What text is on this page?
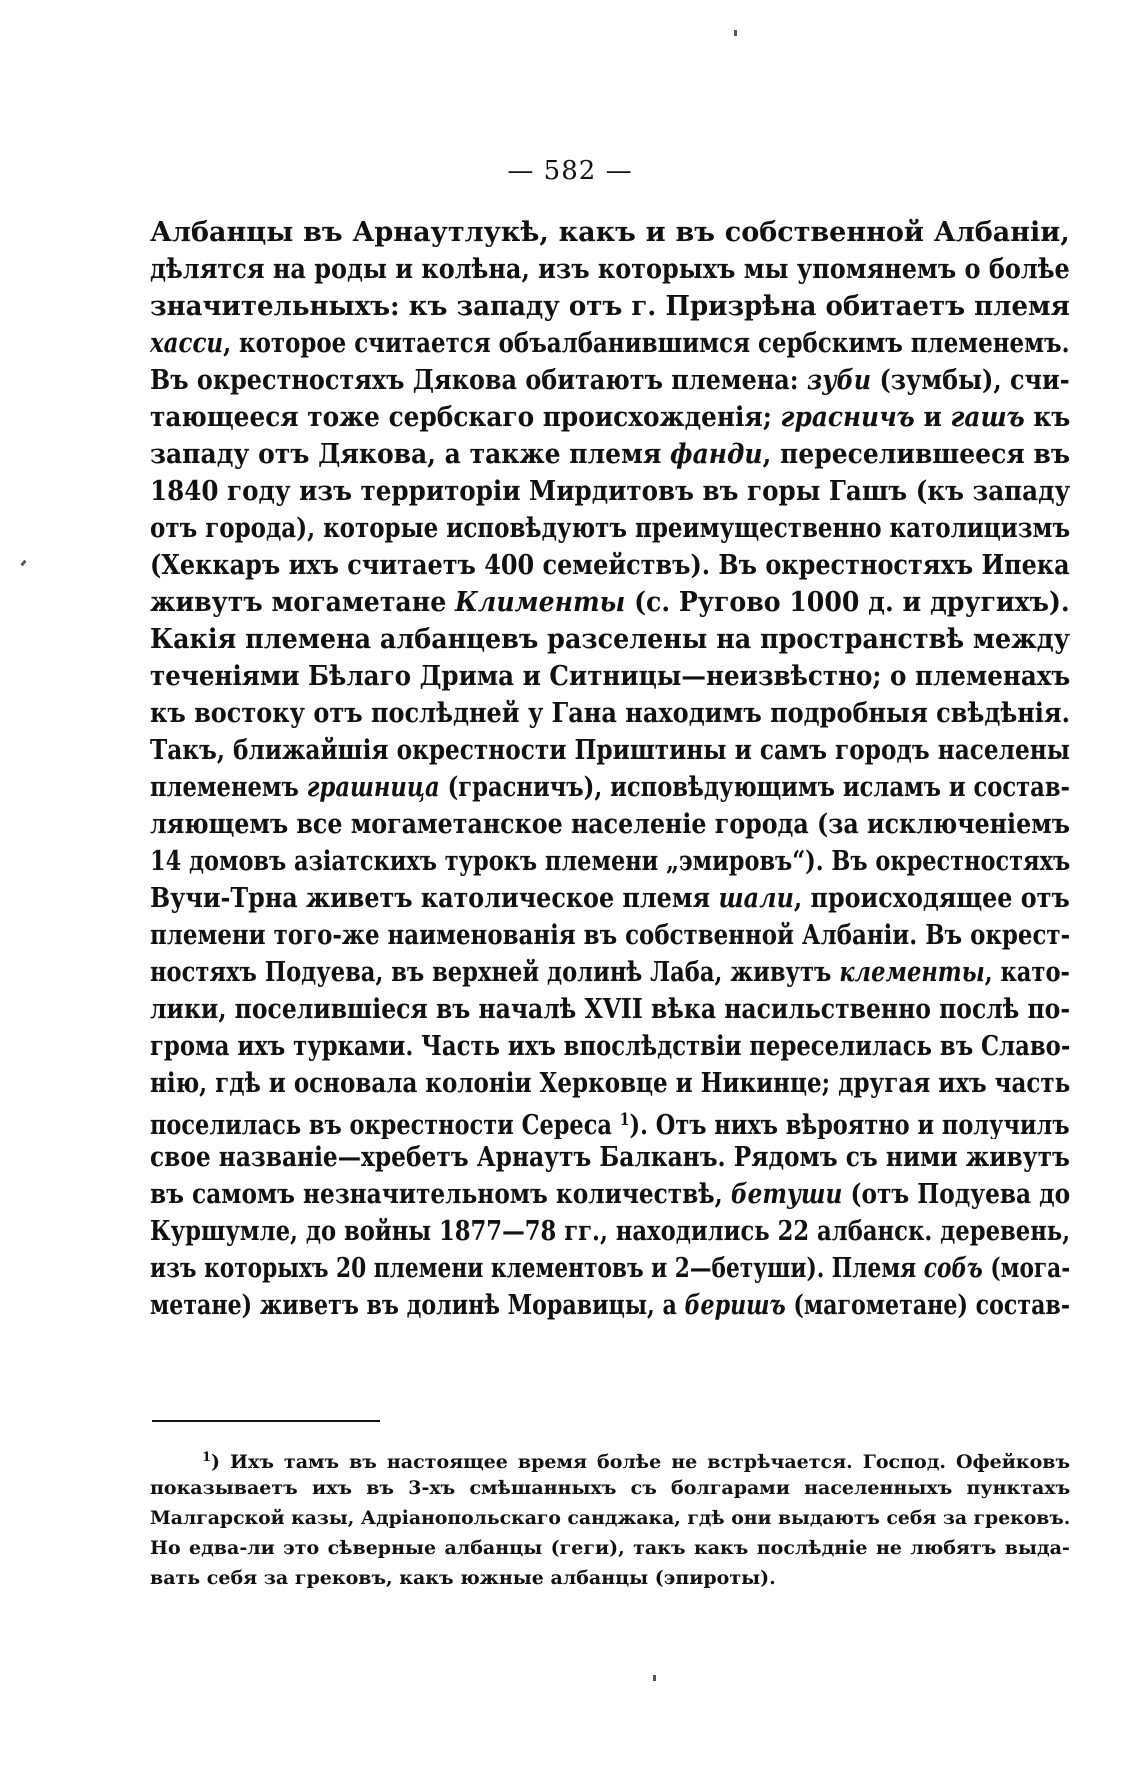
— 582 —
Албанцы въ Арнаутлукѣ, какъ и въ собственной Албаніи,
дѣлятся на роды и колѣна, изъ которыхъ мы упомянемъ о болѣе
значительныхъ: къ западу отъ г. Призрѣна обитаетъ племя
хасси, которое считается объалбанившимся сербскимъ племенемъ.
Въ окрестностяхъ Дякова обитаютъ племена: зуби (зумбы), счи-
тающееся тоже сербскаго происхожденія; грасничъ и гашъ къ
западу отъ Дякова, а также племя фанди, переселившееся въ
1840 году изъ территоріи Мирдитовъ въ горы Гашъ (къ западу
отъ города), которые исповѣдуютъ преимущественно католицизмъ
(Хеккаръ ихъ считаетъ 400 семействъ). Въ окрестностяхъ Ипека
живутъ могаметане Клименты (с. Ругово 1000 д. и другихъ).
Какія племена албанцевъ разселены на пространствѣ между
теченіями Бѣлаго Дрима и Ситницы—неизвѣстно; о племенахъ
къ востоку отъ послѣдней у Гана находимъ подробныя свѣдѣнія.
Такъ, ближайшія окрестности Приштины и самъ городъ населены
племенемъ грашница (грасничъ), исповѣдующимъ исламъ и состав-
ляющемъ все могаметанское населеніе города (за исключеніемъ
14 домовъ азіатскихъ турокъ племени „эмировъ“). Въ окрестностяхъ
Вучи-Трна живетъ католическое племя шали, происходящее отъ
племени того-же наименованія въ собственной Албаніи. Въ окрест-
ностяхъ Подуева, въ верхней долинѣ Лаба, живутъ клементы, като-
лики, поселившіеся въ началѣ XVII вѣка насильственно послѣ по-
грома ихъ турками. Часть ихъ впослѣдствіи переселилась въ Славо-
нію, гдѣ и основала колоніи Херковце и Никинце; другая ихъ часть
поселилась въ окрестности Сереса $^1$). Отъ нихъ вѣроятно и получилъ
свое названіе—хребетъ Арнаутъ Балканъ. Рядомъ съ ними живутъ
въ самомъ незначительномъ количествѣ, бетуши (отъ Подуева до
Куршумле, до войны 1877—78 гг., находились 22 албанск. деревень,
изъ которыхъ 20 племени клементовъ и 2—бетуши). Племя собъ (мога-
метане) живетъ въ долинѣ Моравицы, а беришъ (магометане) состав-
$^1$) Ихъ тамъ въ настоящее время болѣе не встрѣчается. Господ. Офейковъ
показываетъ ихъ въ 3-хъ смѣшанныхъ съ болгарами населенныхъ пунктахъ
Малгарской казы, Адріанопольскаго санджака, гдѣ они выдаютъ себя за грековъ.
Но едва-ли это сѣверные албанцы (геги), такъ какъ послѣдніе не любятъ выда-
вать себя за грековъ, какъ южные албанцы (эпироты).
